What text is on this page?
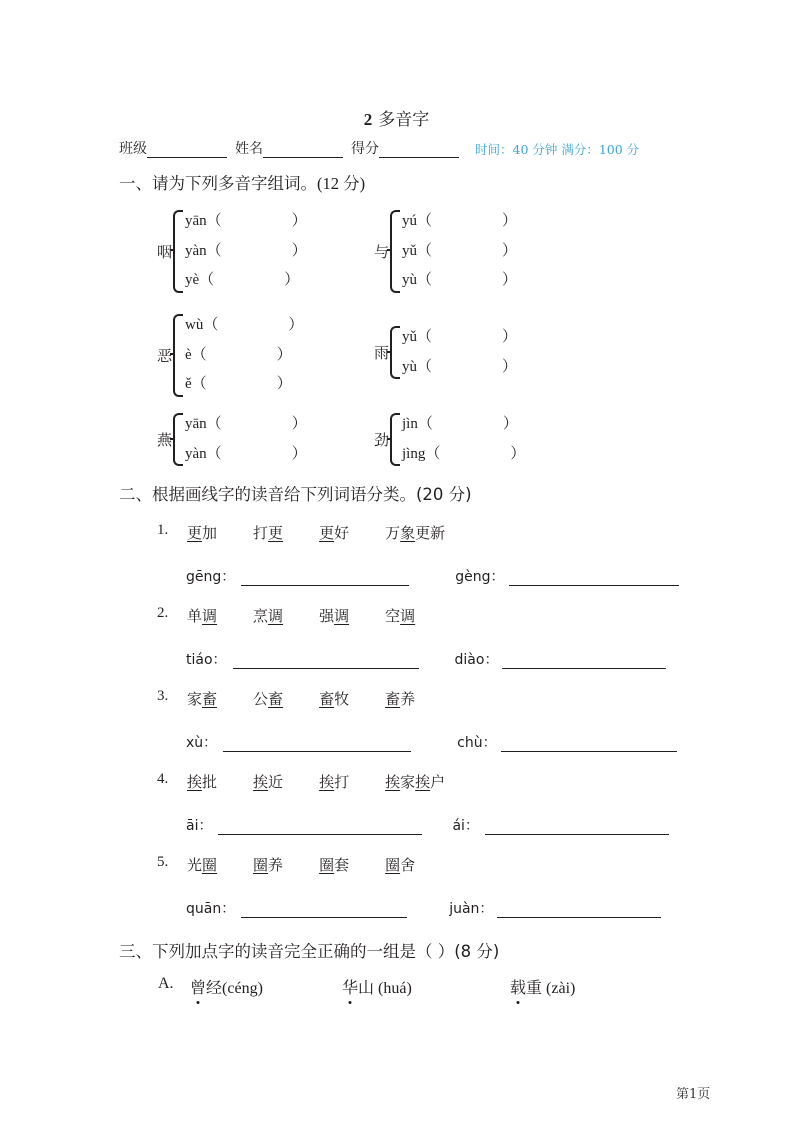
2 多音字
班级	姓名	得分	时间：40 分钟 满分：100 分
一、请为下列多音字组词。(12 分)
咽
yān（	）
yàn（	）
yè（	）
与
yú（	）
yǔ（	）
yù（	）
恶
wù（	）
è（	）
ě（	）
雨
yǔ（	）
yù（	）
燕
yān（	）
yàn（	）
劲
jìn（	）
jìng（	）
二、根据画线字的读音给下列词语分类。(20 分)
1.	更加 打更 更好 万象更新
gēng：	gèng：
2.	单调 烹调 强调 空调
tiáo：	diào：
3.	家畜 公畜 畜牧 畜养
xù：	chù：
4.	挨批 挨近 挨打 挨家挨户
āi：	ái：
5.	光圈 圈养 圈套 圈舍
quān：	juàn：
三、下列加点字的读音完全正确的一组是（ ）(8 分)
A.	曾经(céng)	华山 (huá)	载重 (zài)
第1页
